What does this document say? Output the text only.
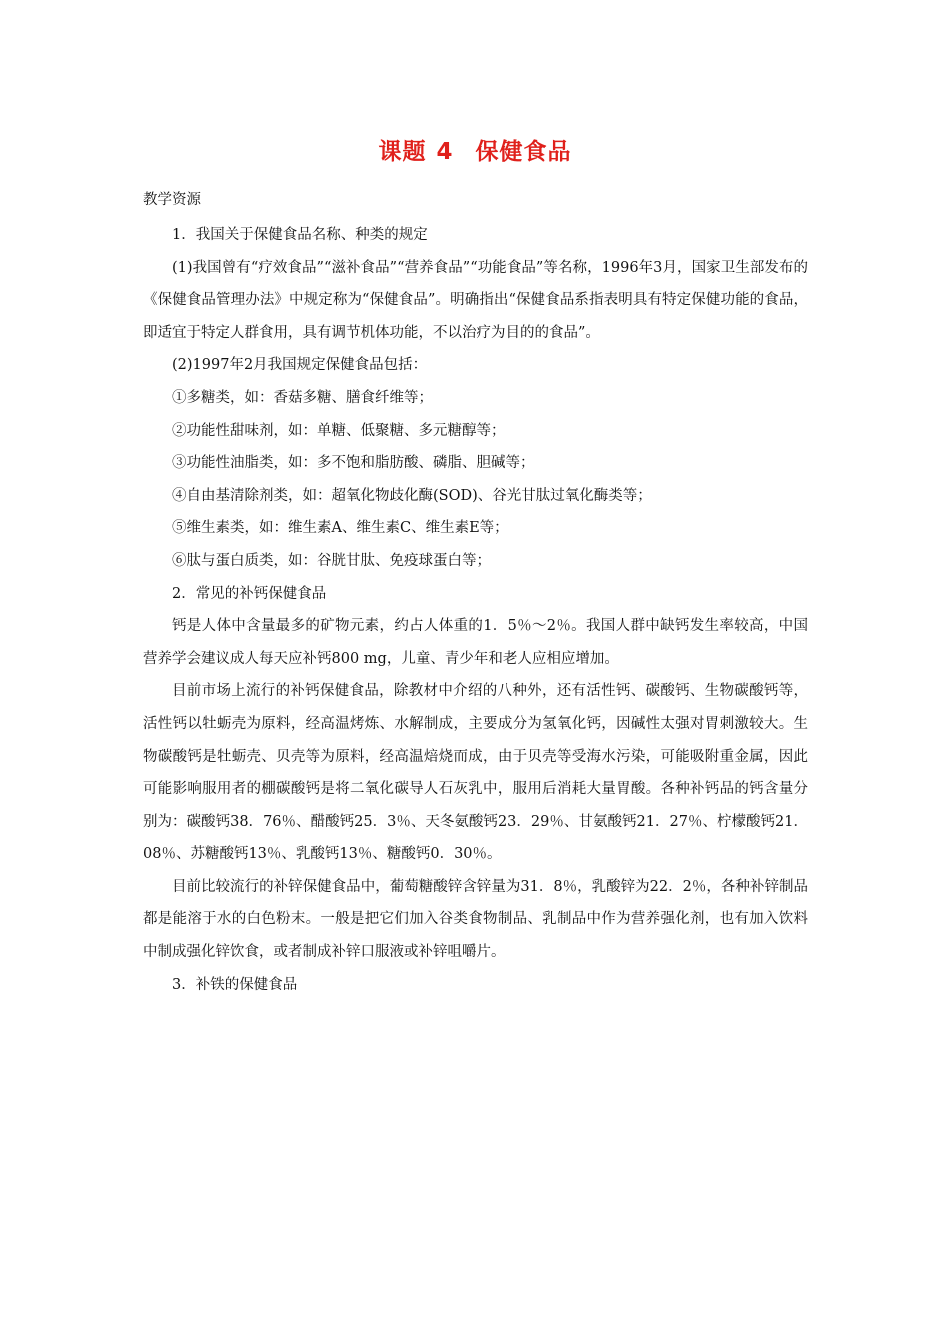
课题 4 保健食品
教学资源

1．我国关于保健食品名称、种类的规定

(1)我国曾有“疗效食品”“滋补食品”“营养食品”“功能食品”等名称，1996年3月，国家卫生部发布的《保健食品管理办法》中规定称为“保健食品”。明确指出“保健食品系指表明具有特定保健功能的食品，即适宜于特定人群食用，具有调节机体功能，不以治疗为目的的食品”。

(2)1997年2月我国规定保健食品包括：

①多糖类，如：香菇多糖、膳食纤维等；

②功能性甜味剂，如：单糖、低聚糖、多元糖醇等；

③功能性油脂类，如：多不饱和脂肪酸、磷脂、胆碱等；

④自由基清除剂类，如：超氧化物歧化酶(SOD)、谷光甘肽过氧化酶类等；

⑤维生素类，如：维生素A、维生素C、维生素E等；

⑥肽与蛋白质类，如：谷胱甘肽、免疫球蛋白等；

2．常见的补钙保健食品

钙是人体中含量最多的矿物元素，约占人体重的1．5％～2％。我国人群中缺钙发生率较高，中国营养学会建议成人每天应补钙800 mg，儿童、青少年和老人应相应增加。

目前市场上流行的补钙保健食品，除教材中介绍的八种外，还有活性钙、碳酸钙、生物碳酸钙等，活性钙以牡蛎壳为原料，经高温烤炼、水解制成，主要成分为氢氧化钙，因碱性太强对胃刺激较大。生物碳酸钙是牡蛎壳、贝壳等为原料，经高温焙烧而成，由于贝壳等受海水污染，可能吸附重金属，因此可能影响服用者的棚碳酸钙是将二氧化碳导人石灰乳中，服用后消耗大量胃酸。各种补钙品的钙含量分别为：碳酸钙38．76％、醋酸钙25．3％、天冬氨酸钙23．29％、甘氨酸钙21．27％、柠檬酸钙21．08％、苏糖酸钙13％、乳酸钙13％、糖酸钙0．30％。

目前比较流行的补锌保健食品中，葡萄糖酸锌含锌量为31．8％，乳酸锌为22．2％，各种补锌制品都是能溶于水的白色粉末。一般是把它们加入谷类食物制品、乳制品中作为营养强化剂，也有加入饮料中制成强化锌饮食，或者制成补锌口服液或补锌咀嚼片。

3．补铁的保健食品
